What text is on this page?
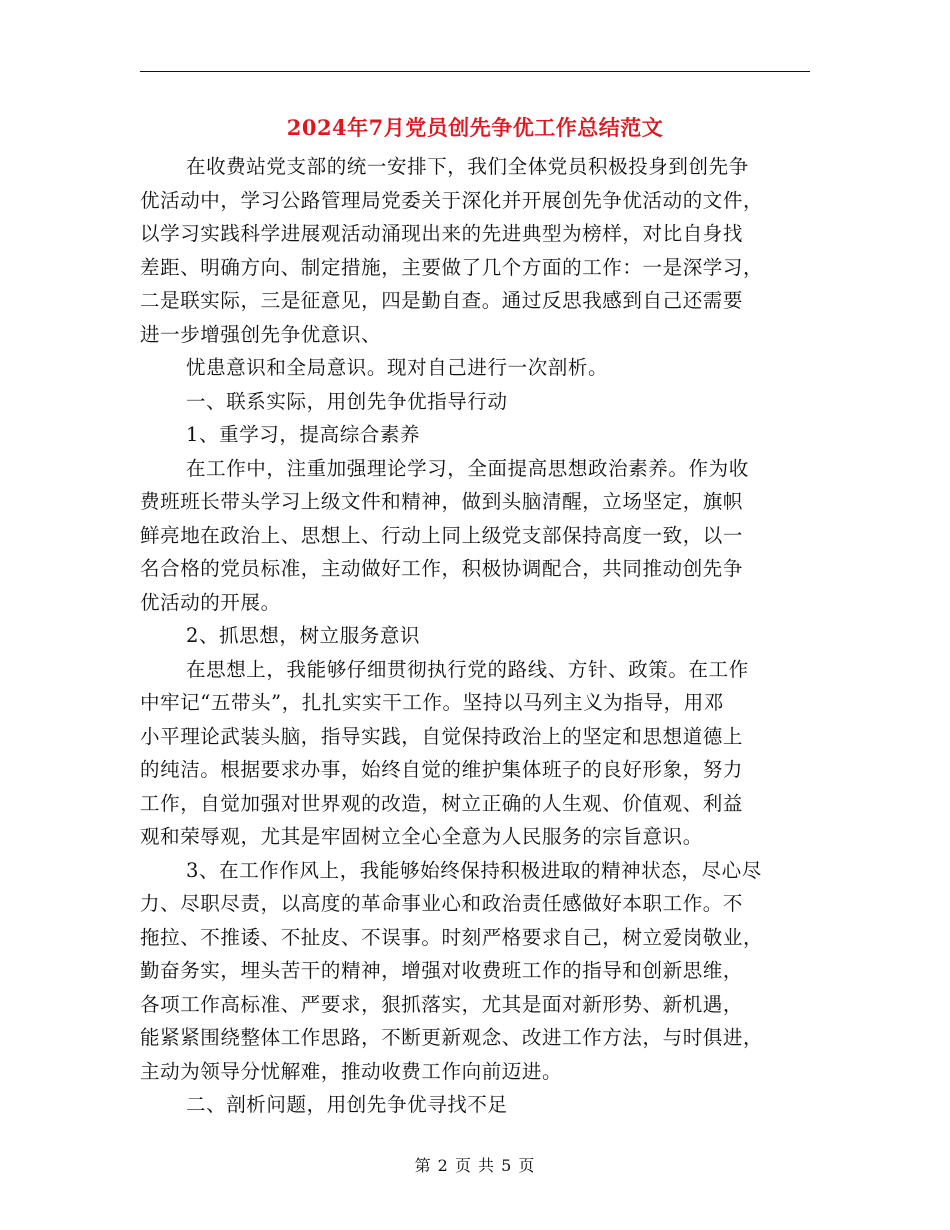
2024年7月党员创先争优工作总结范文
在收费站党支部的统一安排下，我们全体党员积极投身到创先争
优活动中，学习公路管理局党委关于深化并开展创先争优活动的文件，
以学习实践科学进展观活动涌现出来的先进典型为榜样，对比自身找
差距、明确方向、制定措施，主要做了几个方面的工作：一是深学习，
二是联实际，三是征意见，四是勤自查。通过反思我感到自己还需要
进一步增强创先争优意识、
忧患意识和全局意识。现对自己进行一次剖析。
一、联系实际，用创先争优指导行动
1、重学习，提高综合素养
在工作中，注重加强理论学习，全面提高思想政治素养。作为收
费班班长带头学习上级文件和精神，做到头脑清醒，立场坚定，旗帜
鲜亮地在政治上、思想上、行动上同上级党支部保持高度一致，以一
名合格的党员标准，主动做好工作，积极协调配合，共同推动创先争
优活动的开展。
2、抓思想，树立服务意识
在思想上，我能够仔细贯彻执行党的路线、方针、政策。在工作
中牢记“五带头”，扎扎实实干工作。坚持以马列主义为指导，用邓
小平理论武装头脑，指导实践，自觉保持政治上的坚定和思想道德上
的纯洁。根据要求办事，始终自觉的维护集体班子的良好形象，努力
工作，自觉加强对世界观的改造，树立正确的人生观、价值观、利益
观和荣辱观，尤其是牢固树立全心全意为人民服务的宗旨意识。
3、在工作作风上，我能够始终保持积极进取的精神状态，尽心尽
力、尽职尽责，以高度的革命事业心和政治责任感做好本职工作。不
拖拉、不推诿、不扯皮、不误事。时刻严格要求自己，树立爱岗敬业，
勤奋务实，埋头苦干的精神，增强对收费班工作的指导和创新思维，
各项工作高标准、严要求，狠抓落实，尤其是面对新形势、新机遇，
能紧紧围绕整体工作思路，不断更新观念、改进工作方法，与时俱进，
主动为领导分忧解难，推动收费工作向前迈进。
二、剖析问题，用创先争优寻找不足
第 2 页 共 5 页
